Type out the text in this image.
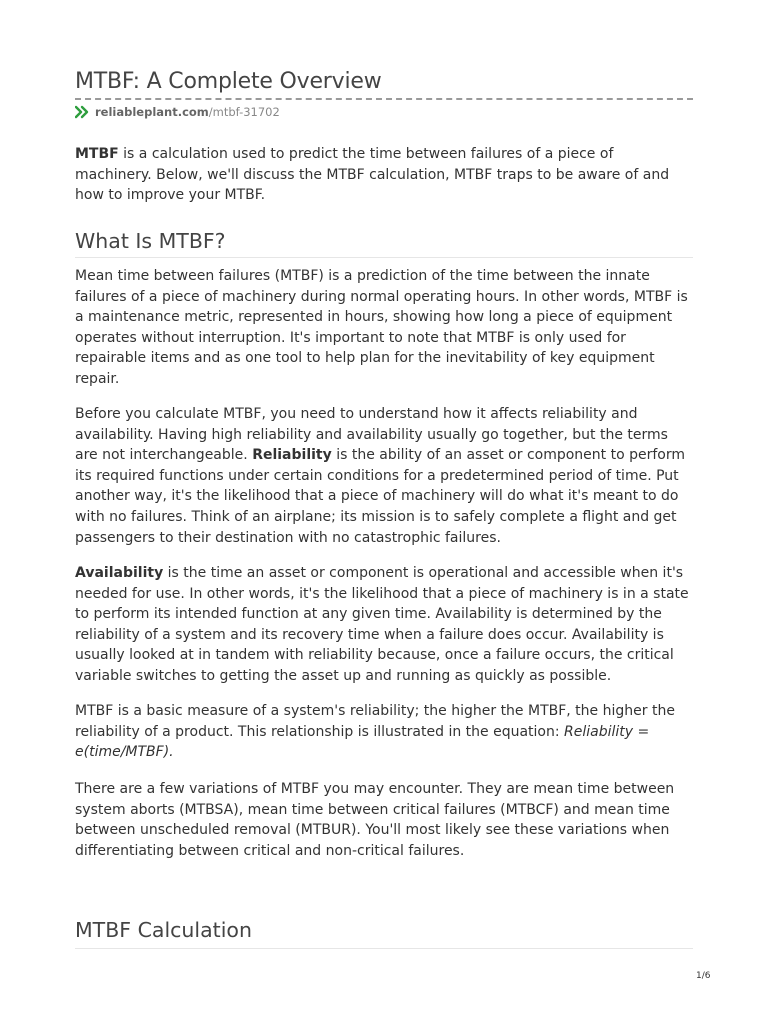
MTBF: A Complete Overview
reliableplant.com /mtbf-31702

MTBF is a calculation used to predict the time between failures of a piece of machinery. Below, we'll discuss the MTBF calculation, MTBF traps to be aware of and how to improve your MTBF.

What Is MTBF?

Mean time between failures (MTBF) is a prediction of the time between the innate failures of a piece of machinery during normal operating hours. In other words, MTBF is a maintenance metric, represented in hours, showing how long a piece of equipment operates without interruption. It's important to note that MTBF is only used for repairable items and as one tool to help plan for the inevitability of key equipment repair.

Before you calculate MTBF, you need to understand how it affects reliability and availability. Having high reliability and availability usually go together, but the terms are not interchangeable. Reliability is the ability of an asset or component to perform its required functions under certain conditions for a predetermined period of time. Put another way, it's the likelihood that a piece of machinery will do what it's meant to do with no failures. Think of an airplane; its mission is to safely complete a flight and get passengers to their destination with no catastrophic failures.

Availability is the time an asset or component is operational and accessible when it's needed for use. In other words, it's the likelihood that a piece of machinery is in a state to perform its intended function at any given time. Availability is determined by the reliability of a system and its recovery time when a failure does occur. Availability is usually looked at in tandem with reliability because, once a failure occurs, the critical variable switches to getting the asset up and running as quickly as possible.

MTBF is a basic measure of a system's reliability; the higher the MTBF, the higher the reliability of a product. This relationship is illustrated in the equation: Reliability = e(time/MTBF).

There are a few variations of MTBF you may encounter. They are mean time between system aborts (MTBSA), mean time between critical failures (MTBCF) and mean time between unscheduled removal (MTBUR). You'll most likely see these variations when differentiating between critical and non-critical failures.

MTBF Calculation
1/6
